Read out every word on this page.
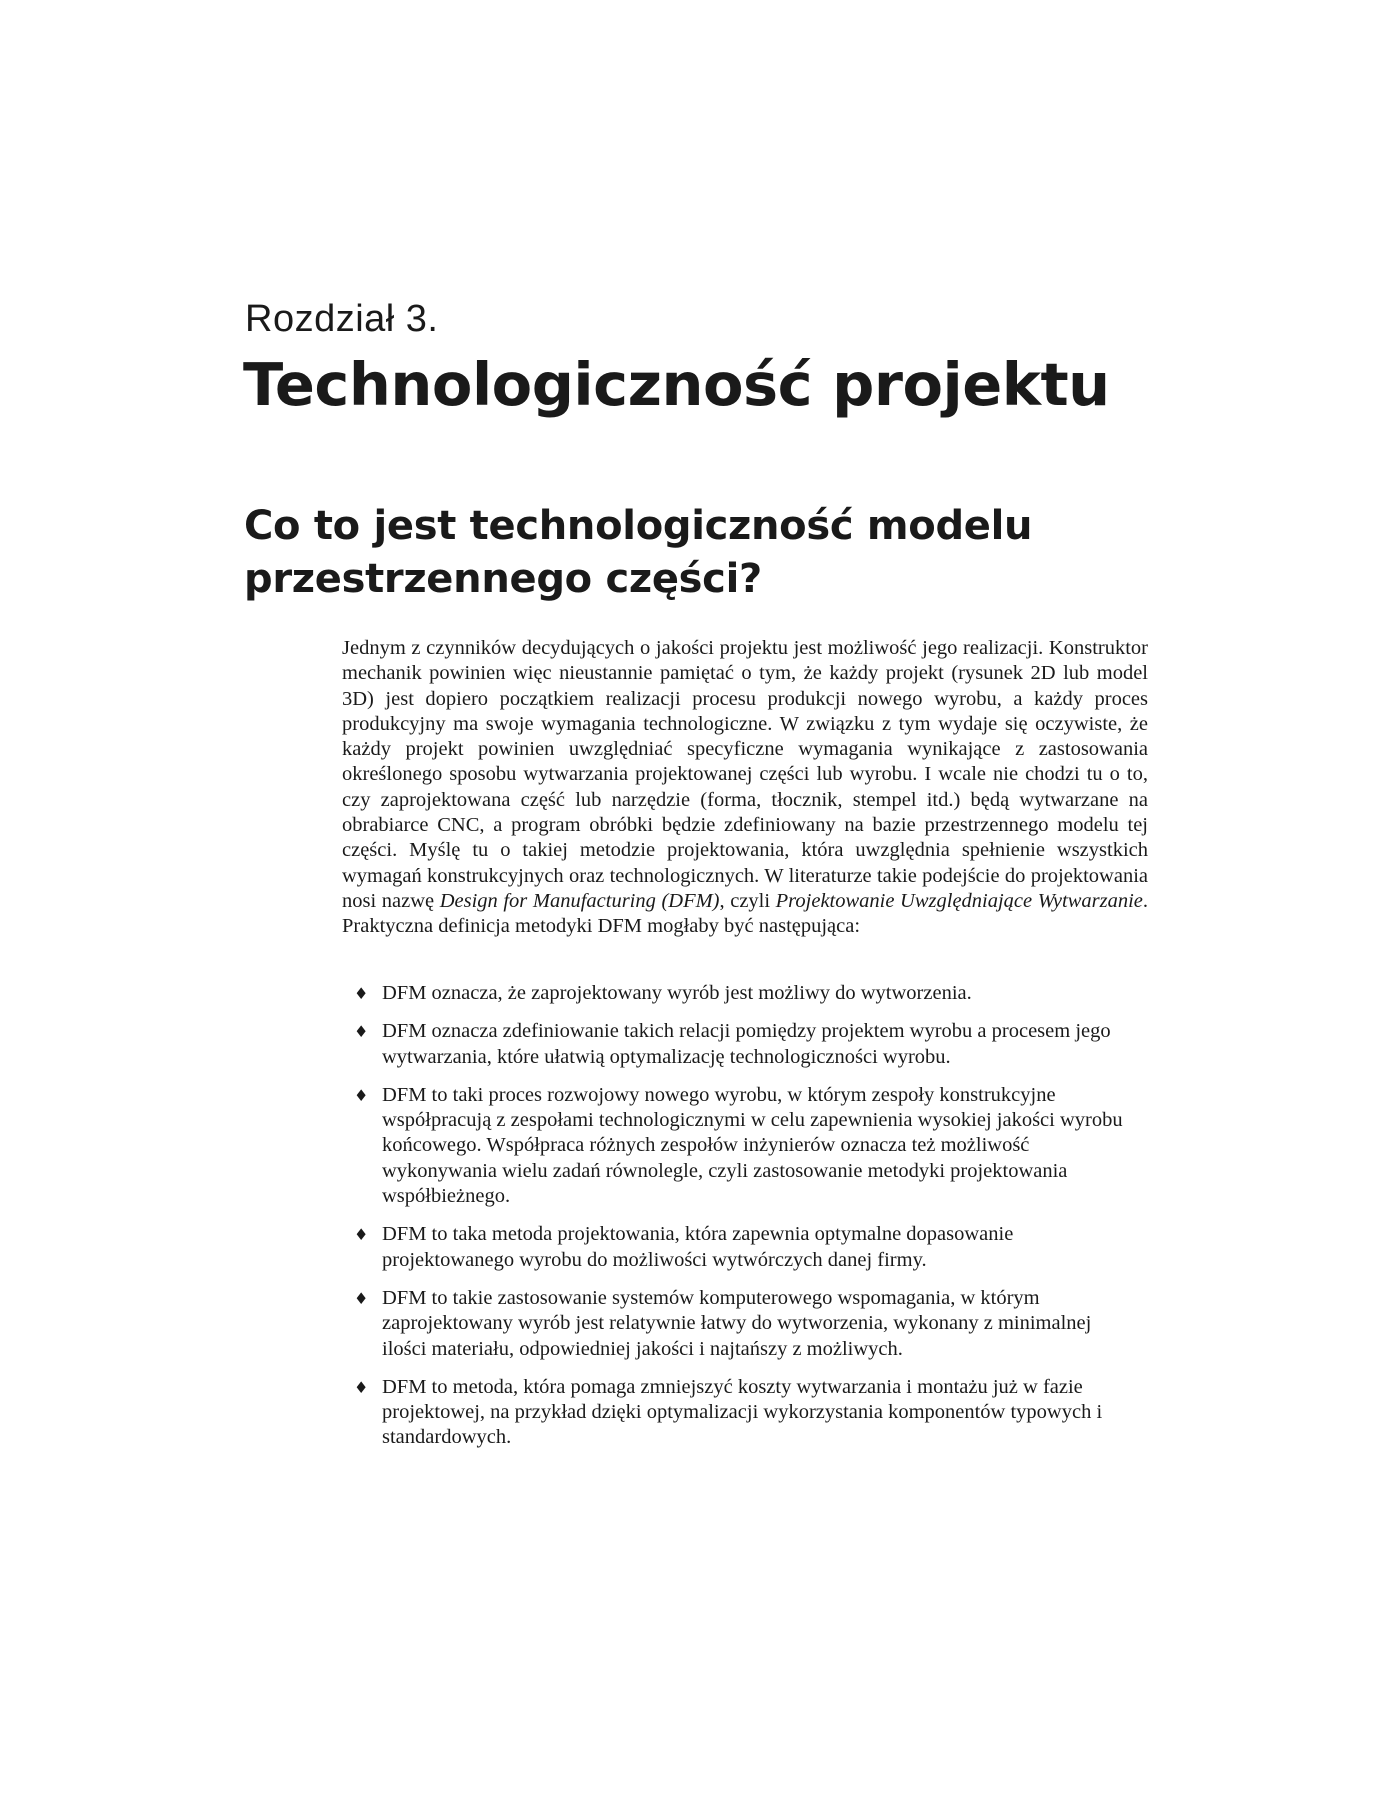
Rozdział 3.
Technologiczność projektu
Co to jest technologiczność modelu
przestrzennego części?

Jednym z czynników decydujących o jakości projektu jest możliwość jego realizacji. Konstruktor mechanik powinien więc nieustannie pamiętać o tym, że każdy projekt (rysunek 2D lub model 3D) jest dopiero początkiem realizacji procesu produkcji nowego wyrobu, a każdy proces produkcyjny ma swoje wymagania technologiczne. W związku z tym wydaje się oczywiste, że każdy projekt powinien uwzględniać specyficzne wymagania wynikające z zastosowania określonego sposobu wytwarzania projektowanej części lub wyrobu. I wcale nie chodzi tu o to, czy zaprojektowana część lub narzędzie (forma, tłocznik, stempel itd.) będą wytwarzane na obrabiarce CNC, a program obróbki będzie zdefiniowany na bazie przestrzennego modelu tej części. Myślę tu o takiej metodzie projektowania, która uwzględnia spełnienie wszystkich wymagań konstrukcyjnych oraz technologicznych. W literaturze takie podejście do projektowania nosi nazwę Design for Manufacturing (DFM), czyli Projektowanie Uwzględniające Wytwarzanie. Praktyczna definicja metodyki DFM mogłaby być następująca:

♦ DFM oznacza, że zaprojektowany wyrób jest możliwy do wytworzenia.
♦ DFM oznacza zdefiniowanie takich relacji pomiędzy projektem wyrobu a procesem jego wytwarzania, które ułatwią optymalizację technologiczności wyrobu.
♦ DFM to taki proces rozwojowy nowego wyrobu, w którym zespoły konstrukcyjne współpracują z zespołami technologicznymi w celu zapewnienia wysokiej jakości wyrobu końcowego. Współpraca różnych zespołów inżynierów oznacza też możliwość wykonywania wielu zadań równolegle, czyli zastosowanie metodyki projektowania współbieżnego.
♦ DFM to taka metoda projektowania, która zapewnia optymalne dopasowanie projektowanego wyrobu do możliwości wytwórczych danej firmy.
♦ DFM to takie zastosowanie systemów komputerowego wspomagania, w którym zaprojektowany wyrób jest relatywnie łatwy do wytworzenia, wykonany z minimalnej ilości materiału, odpowiedniej jakości i najtańszy z możliwych.
♦ DFM to metoda, która pomaga zmniejszyć koszty wytwarzania i montażu już w fazie projektowej, na przykład dzięki optymalizacji wykorzystania komponentów typowych i standardowych.
